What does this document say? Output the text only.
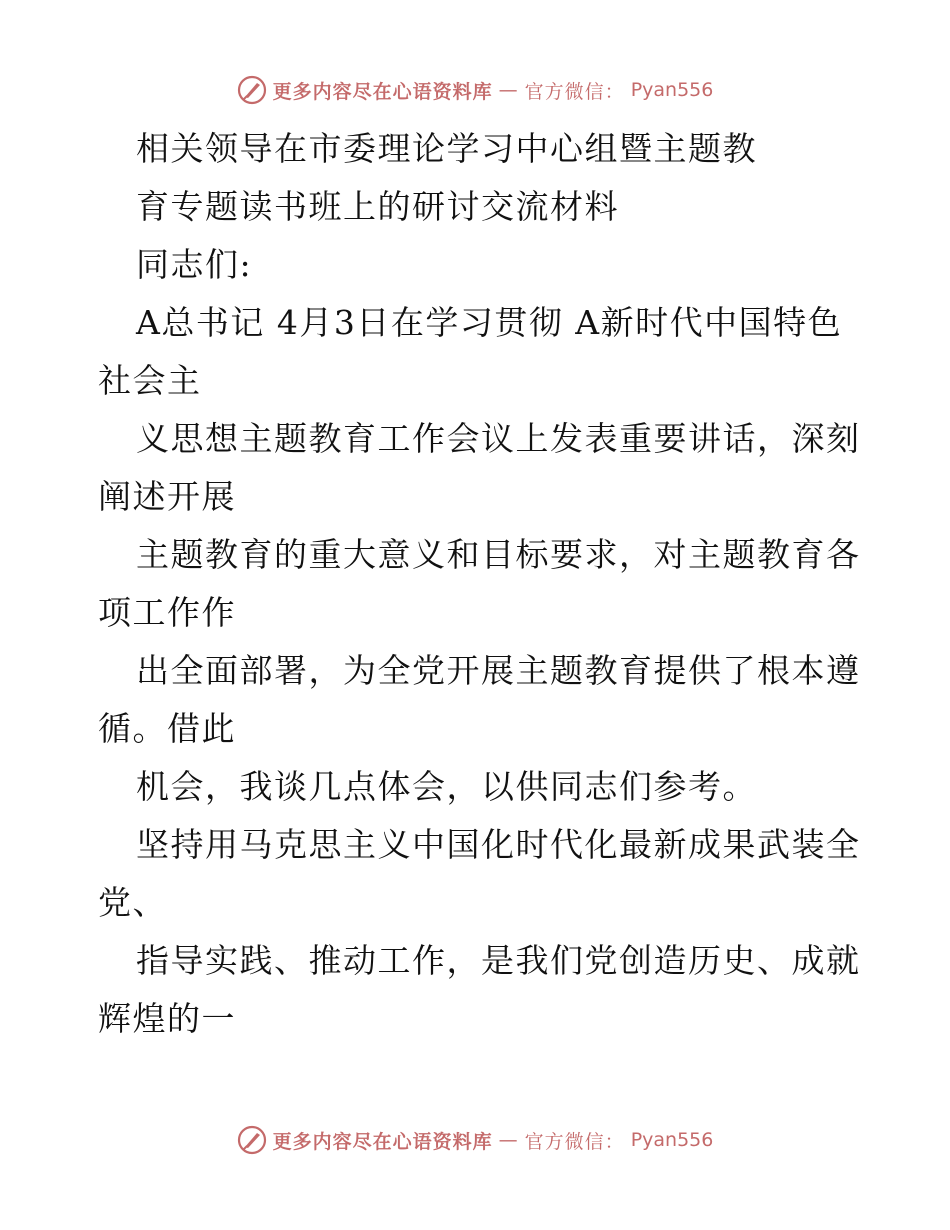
更多内容尽在心语资料库 — 官方微信： Pyan556
相关领导在市委理论学习中心组暨主题教
育专题读书班上的研讨交流材料
同志们:
A总书记 4月3日在学习贯彻 A新时代中国特色
社会主
义思想主题教育工作会议上发表重要讲话，深刻
阐述开展
主题教育的重大意义和目标要求，对主题教育各
项工作作
出全面部署，为全党开展主题教育提供了根本遵
循。借此
机会，我谈几点体会，以供同志们参考。
坚持用马克思主义中国化时代化最新成果武装全
党、
指导实践、推动工作，是我们党创造历史、成就
辉煌的一
更多内容尽在心语资料库 — 官方微信： Pyan556
